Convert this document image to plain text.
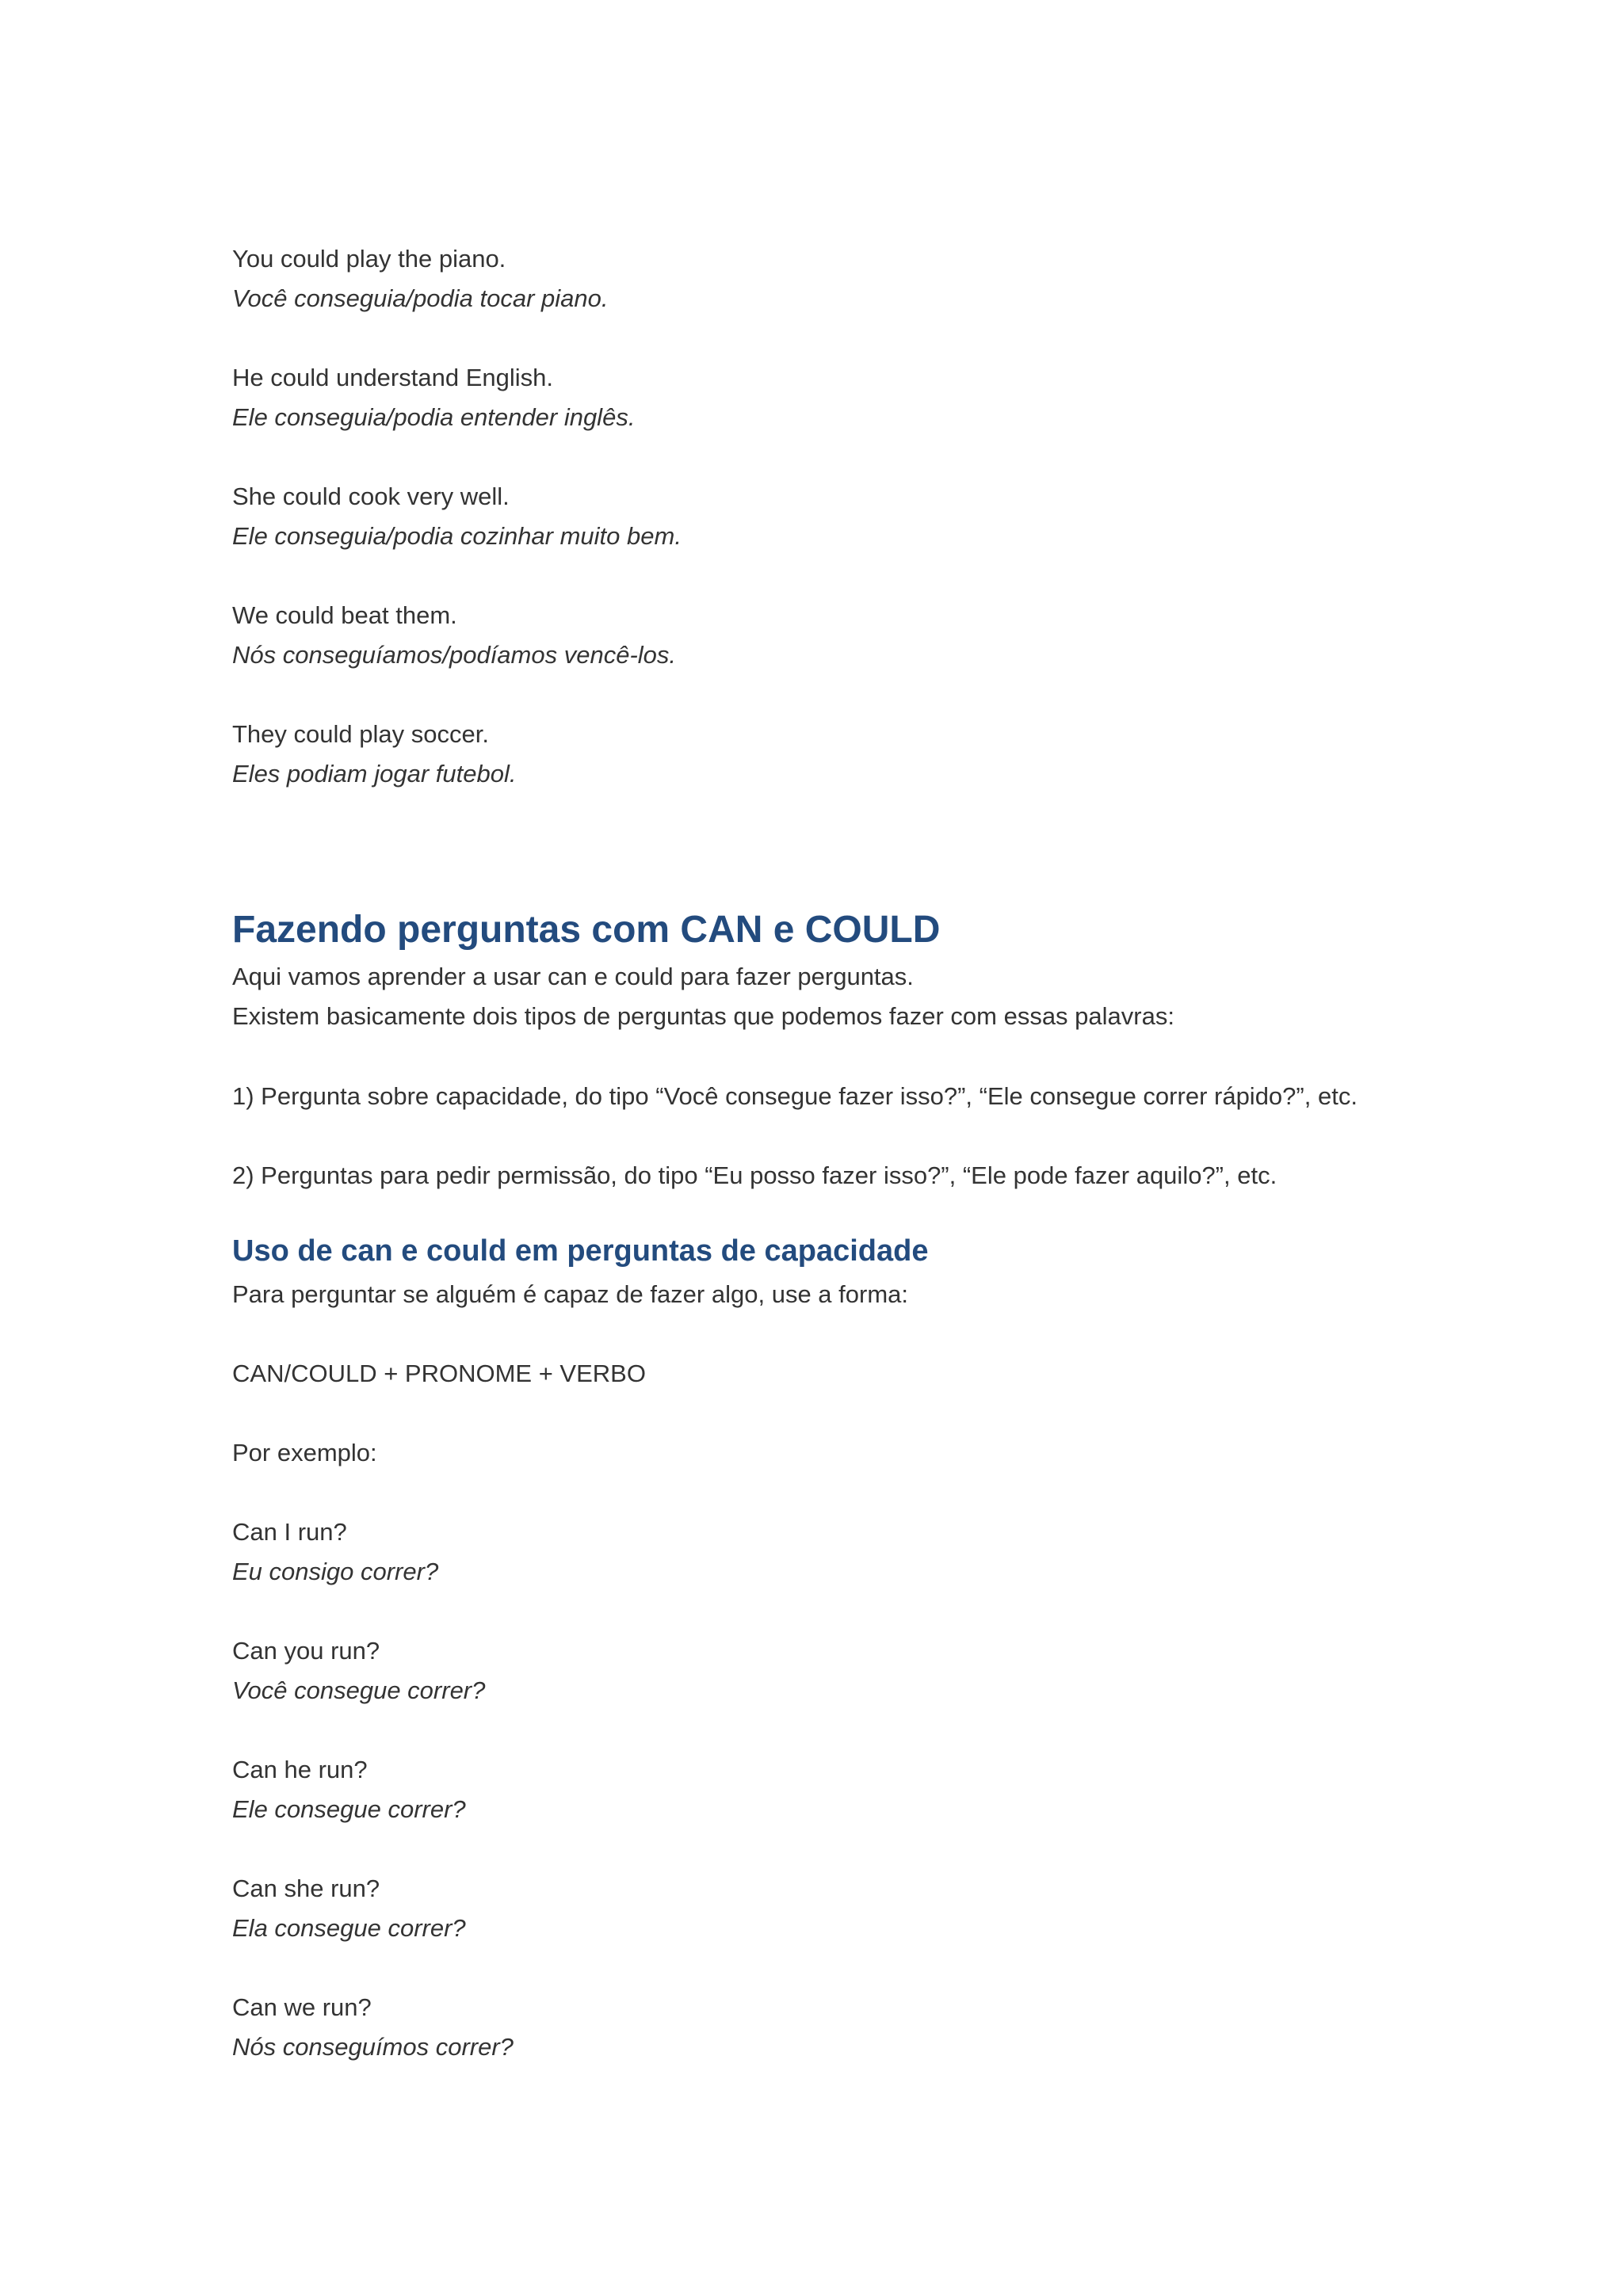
You could play the piano.

Você conseguia/podia tocar piano.

He could understand English.

Ele conseguia/podia entender inglês.

She could cook very well.

Ele conseguia/podia cozinhar muito bem.

We could beat them.

Nós conseguíamos/podíamos vencê-los.

They could play soccer.

Eles podiam jogar futebol.

Fazendo perguntas com CAN e COULD

Aqui vamos aprender a usar can e could para fazer perguntas.

Existem basicamente dois tipos de perguntas que podemos fazer com essas palavras:

1) Pergunta sobre capacidade, do tipo “Você consegue fazer isso?”, “Ele consegue correr rápido?”, etc.

2) Perguntas para pedir permissão, do tipo “Eu posso fazer isso?”, “Ele pode fazer aquilo?”, etc.

Uso de can e could em perguntas de capacidade

Para perguntar se alguém é capaz de fazer algo, use a forma:

CAN/COULD + PRONOME + VERBO

Por exemplo:

Can I run?

Eu consigo correr?

Can you run?

Você consegue correr?

Can he run?

Ele consegue correr?

Can she run?

Ela consegue correr?

Can we run?

Nós conseguímos correr?
